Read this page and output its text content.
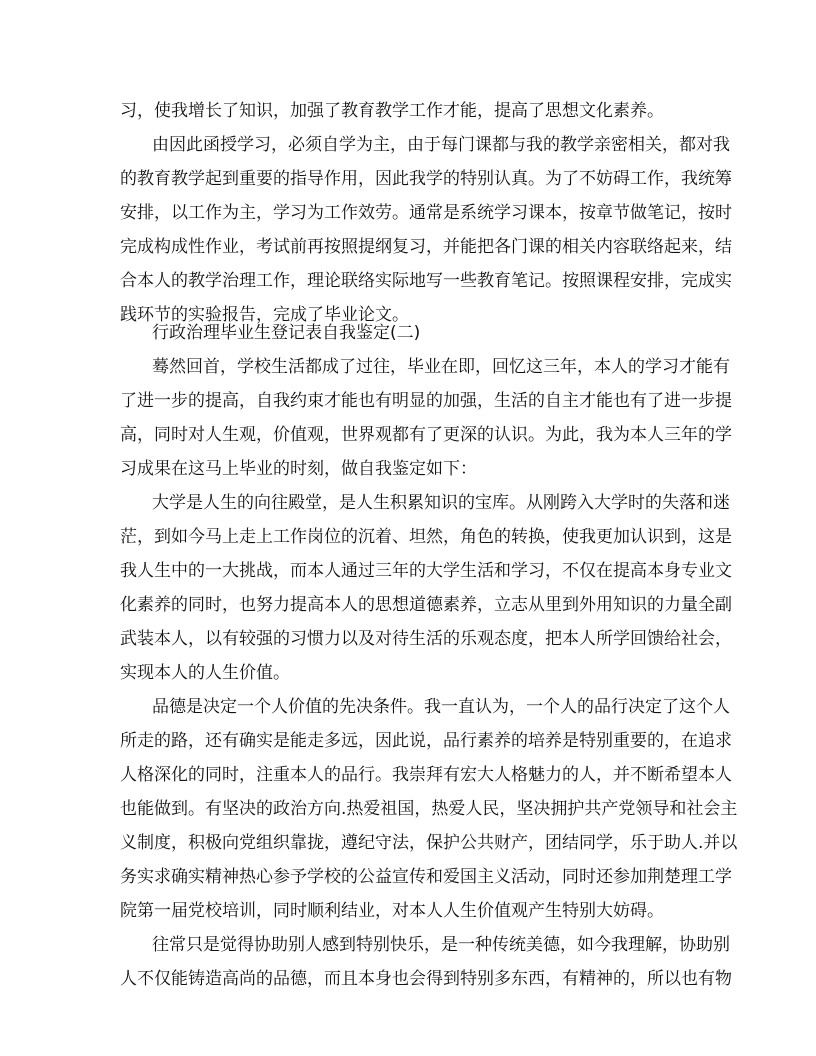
习，使我增长了知识，加强了教育教学工作才能，提高了思想文化素养。
由因此函授学习，必须自学为主，由于每门课都与我的教学亲密相关，都对我
的教育教学起到重要的指导作用，因此我学的特别认真。为了不妨碍工作，我统筹
安排，以工作为主，学习为工作效劳。通常是系统学习课本，按章节做笔记，按时
完成构成性作业，考试前再按照提纲复习，并能把各门课的相关内容联络起来，结
合本人的教学治理工作，理论联络实际地写一些教育笔记。按照课程安排，完成实
践环节的实验报告，完成了毕业论文。
行政治理毕业生登记表自我鉴定(二)
蓦然回首，学校生活都成了过往，毕业在即，回忆这三年，本人的学习才能有
了进一步的提高，自我约束才能也有明显的加强，生活的自主才能也有了进一步提
高，同时对人生观，价值观，世界观都有了更深的认识。为此，我为本人三年的学
习成果在这马上毕业的时刻，做自我鉴定如下：
大学是人生的向往殿堂，是人生积累知识的宝库。从刚跨入大学时的失落和迷
茫，到如今马上走上工作岗位的沉着、坦然，角色的转换，使我更加认识到，这是
我人生中的一大挑战，而本人通过三年的大学生活和学习，不仅在提高本身专业文
化素养的同时，也努力提高本人的思想道德素养，立志从里到外用知识的力量全副
武装本人，以有较强的习惯力以及对待生活的乐观态度，把本人所学回馈给社会，
实现本人的人生价值。
品德是决定一个人价值的先决条件。我一直认为，一个人的品行决定了这个人
所走的路，还有确实是能走多远，因此说，品行素养的培养是特别重要的，在追求
人格深化的同时，注重本人的品行。我崇拜有宏大人格魅力的人，并不断希望本人
也能做到。有坚决的政治方向.热爱祖国，热爱人民，坚决拥护共产党领导和社会主
义制度，积极向党组织靠拢，遵纪守法，保护公共财产，团结同学，乐于助人.并以
务实求确实精神热心参予学校的公益宣传和爱国主义活动，同时还参加荆楚理工学
院第一届党校培训，同时顺利结业，对本人人生价值观产生特别大妨碍。
往常只是觉得协助别人感到特别快乐，是一种传统美德，如今我理解，协助别
人不仅能铸造高尚的品德，而且本身也会得到特别多东西，有精神的，所以也有物
